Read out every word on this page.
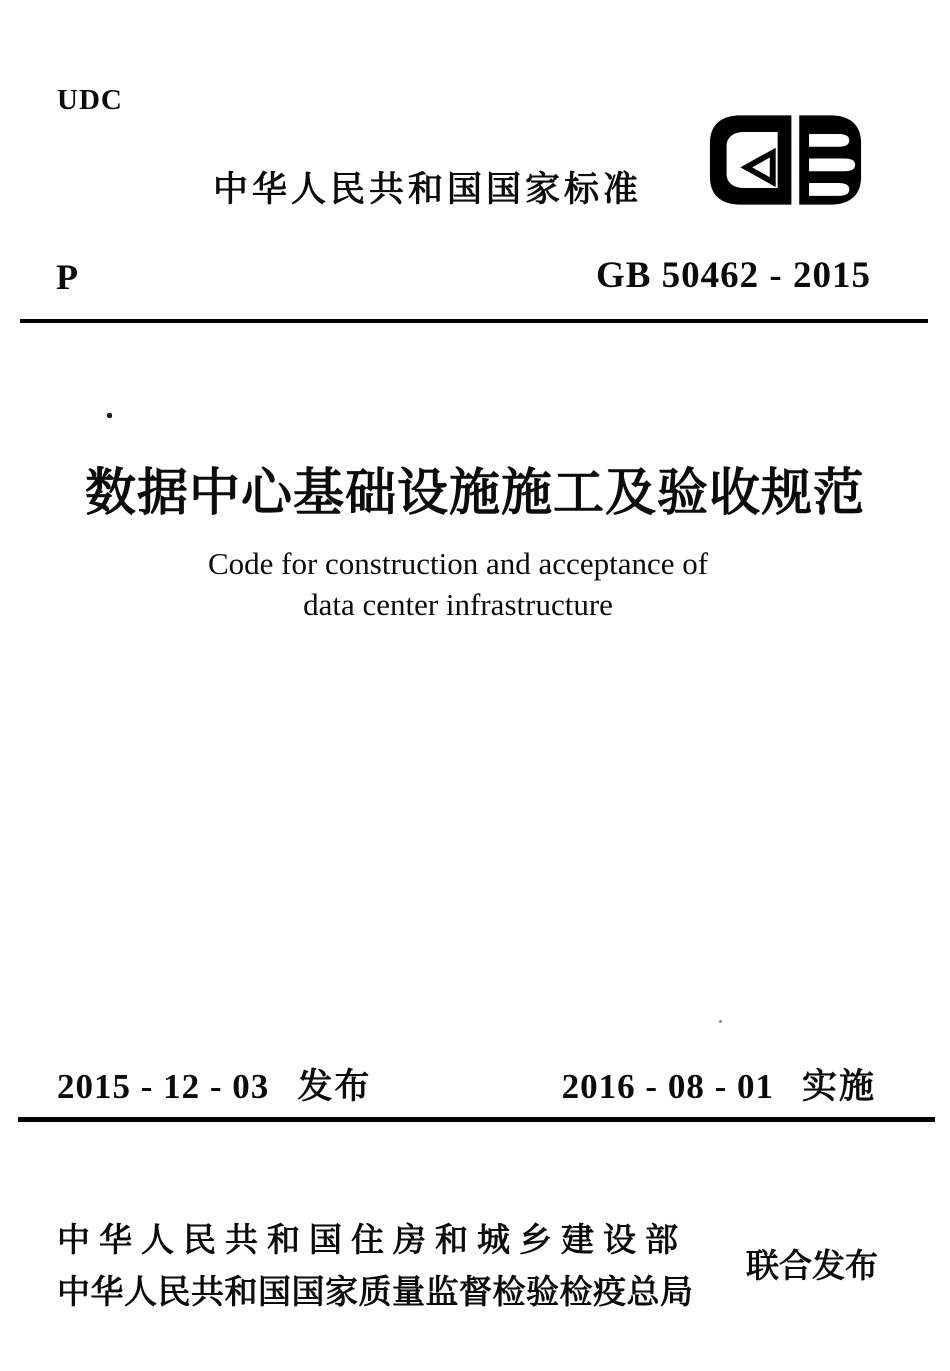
UDC
中华人民共和国国家标准
P	GB 50462 - 2015
数据中心基础设施施工及验收规范
Code for construction and acceptance of
data center infrastructure
2015 - 12 - 03 发布	2016 - 08 - 01 实施
中华人民共和国住房和城乡建设部
中华人民共和国国家质量监督检验检疫总局
联合发布
